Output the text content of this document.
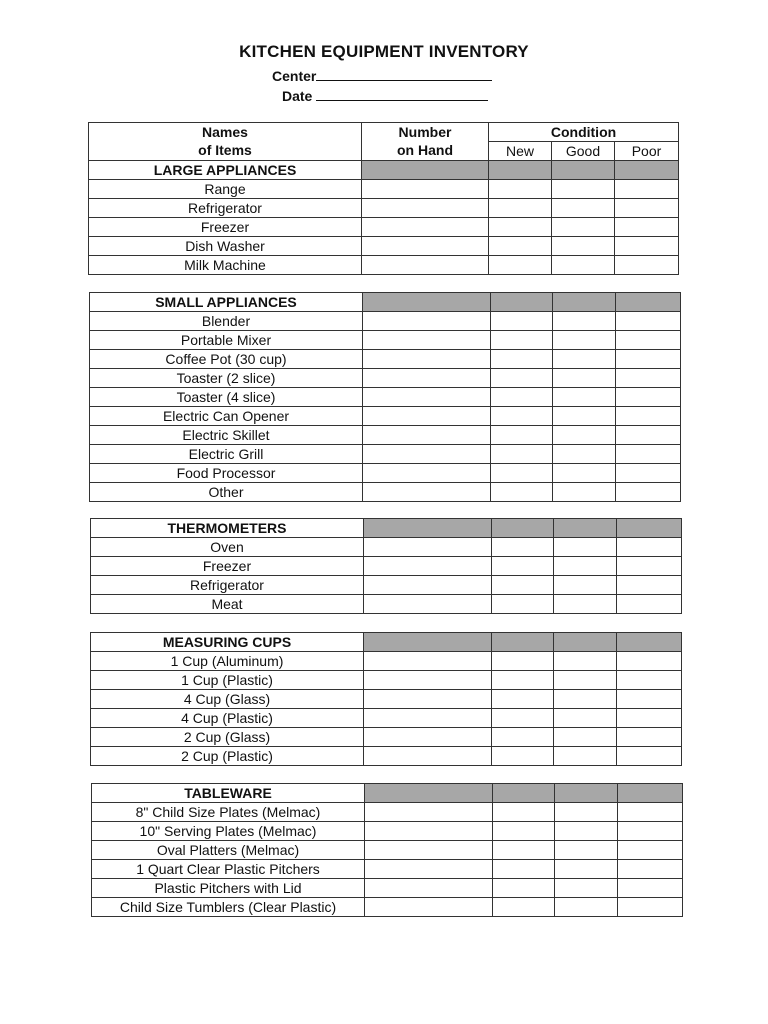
KITCHEN EQUIPMENT INVENTORY
Center
Date
Names	Number	Condition		
of Items	on Hand	New	Good	Poor
LARGE APPLIANCES				
Range				
Refrigerator				
Freezer				
Dish Washer				
Milk Machine				
SMALL APPLIANCES				
Blender				
Portable Mixer				
Coffee Pot (30 cup)				
Toaster (2 slice)				
Toaster (4 slice)				
Electric Can Opener				
Electric Skillet				
Electric Grill				
Food Processor				
Other				
THERMOMETERS				
Oven				
Freezer				
Refrigerator				
Meat				
MEASURING CUPS				
1 Cup (Aluminum)				
1 Cup (Plastic)				
4 Cup (Glass)				
4 Cup (Plastic)				
2 Cup (Glass)				
2 Cup (Plastic)				
TABLEWARE				
8" Child Size Plates (Melmac)				
10" Serving Plates (Melmac)				
Oval Platters (Melmac)				
1 Quart Clear Plastic Pitchers				
Plastic Pitchers with Lid				
Child Size Tumblers (Clear Plastic)				
